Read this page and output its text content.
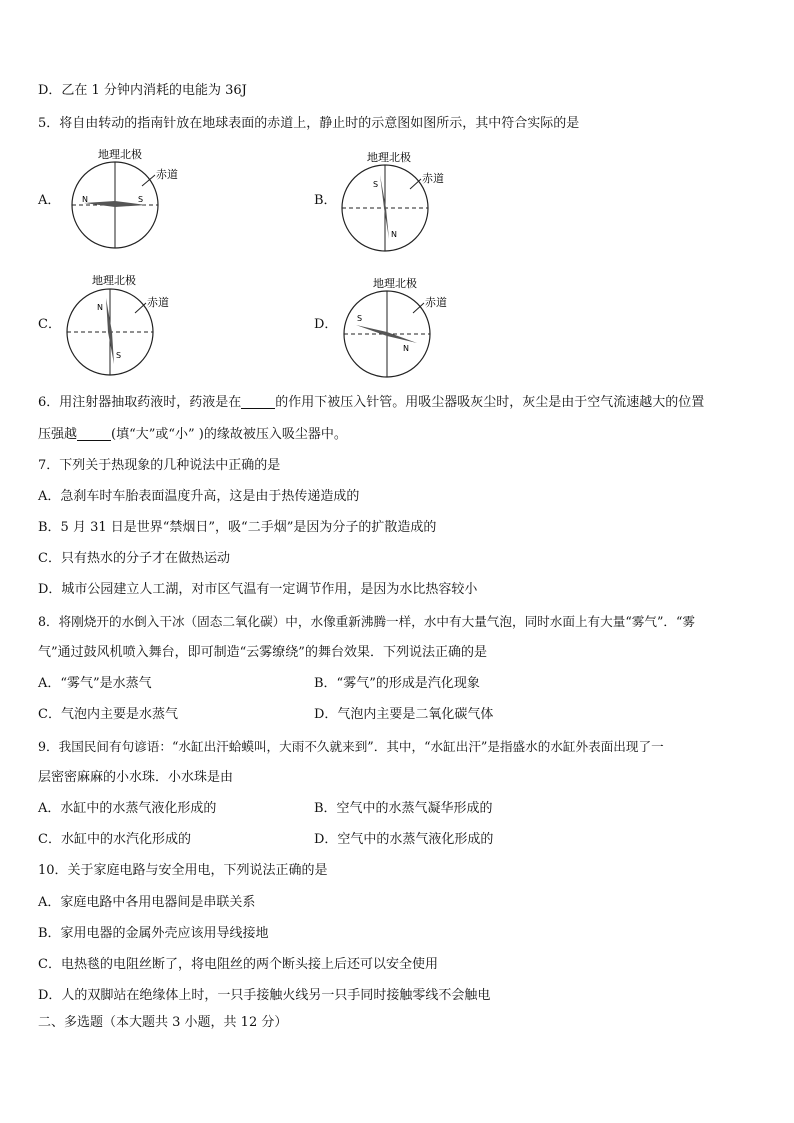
D．乙在 1 分钟内消耗的电能为 36J
5．将自由转动的指南针放在地球表面的赤道上，静止时的示意图如图所示，其中符合实际的是
A．
地理北极
N	S
赤道
B．
地理北极
S
N
赤道
C．
地理北极
N
S
赤道
D．
地理北极
S
N
赤道
6．用注射器抽取药液时，药液是在	的作用下被压入针管。用吸尘器吸灰尘时，灰尘是由于空气流速越大的位置
压强越	(填“大”或“小” )的缘故被压入吸尘器中。
7．下列关于热现象的几种说法中正确的是
A．急刹车时车胎表面温度升高，这是由于热传递造成的
B．5 月 31 日是世界“禁烟日”，吸“二手烟”是因为分子的扩散造成的
C．只有热水的分子才在做热运动
D．城市公园建立人工湖，对市区气温有一定调节作用，是因为水比热容较小
8．将刚烧开的水倒入干冰（固态二氧化碳）中，水像重新沸腾一样，水中有大量气泡，同时水面上有大量“雾气”．“雾
气”通过鼓风机喷入舞台，即可制造“云雾缭绕”的舞台效果．下列说法正确的是
A．“雾气”是水蒸气	B．“雾气”的形成是汽化现象
C．气泡内主要是水蒸气	D．气泡内主要是二氧化碳气体
9．我国民间有句谚语：“水缸出汗蛤蟆叫，大雨不久就来到”．其中，“水缸出汗”是指盛水的水缸外表面出现了一
层密密麻麻的小水珠．小水珠是由
A．水缸中的水蒸气液化形成的	B．空气中的水蒸气凝华形成的
C．水缸中的水汽化形成的	D．空气中的水蒸气液化形成的
10．关于家庭电路与安全用电，下列说法正确的是
A．家庭电路中各用电器间是串联关系
B．家用电器的金属外壳应该用导线接地
C．电热毯的电阻丝断了，将电阻丝的两个断头接上后还可以安全使用
D．人的双脚站在绝缘体上时，一只手接触火线另一只手同时接触零线不会触电
二、多选题（本大题共 3 小题，共 12 分）
